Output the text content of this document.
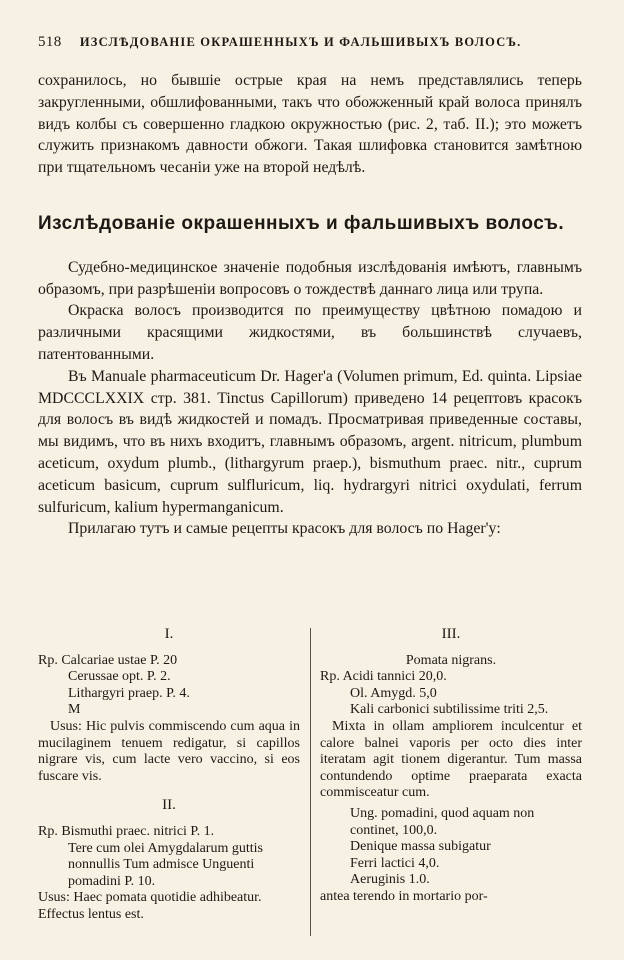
518 ИЗСЛѢДОВАНІЕ ОКРАШЕННЫХЪ И ФАЛЬШИВЫХЪ ВОЛОСЪ.

сохранилось, но бывшіе острые края на немъ представлялись теперь закругленными, обшлифованными, такъ что обожженный край волоса принялъ видъ колбы съ совершенно гладкою окружностью (рис. 2, таб. II.); это можетъ служить признакомъ давности обжоги. Такая шлифовка становится замѣтною при тщательномъ чесаніи уже на второй недѣлѣ.

Изслѣдованіе окрашенныхъ и фальшивыхъ волосъ.

Судебно-медицинское значеніе подобныя изслѣдованія имѣютъ, главнымъ образомъ, при разрѣшеніи вопросовъ о тождествѣ даннаго лица или трупа.

Окраска волосъ производится по преимуществу цвѣтною помадою и различными красящими жидкостями, въ большинствѣ случаевъ, патентованными.

Въ Manuale pharmaceuticum Dr. Hager'a (Volumen primum, Ed. quinta. Lipsiae MDCCCLXXIX стр. 381. Tinctus Capillorum) приведено 14 рецептовъ красокъ для волосъ въ видѣ жидкостей и помадъ. Просматривая приведенные составы, мы видимъ, что въ нихъ входитъ, главнымъ образомъ, argent. nitricum, plumbum aceticum, oxydum plumb., (lithargyrum praep.), bismuthum praec. nitr., cuprum aceticum basicum, cuprum sulfluricum, liq. hydrargyri nitrici oxydulati, ferrum sulfuricum, kalium hypermanganicum.

Прилагаю тутъ и самые рецепты красокъ для волосъ по Hager'y:

I.

Rp. Calcariae ustae P. 20

Cerussae opt. P. 2.

Lithargyri praep. P. 4.

M

Usus: Hic pulvis commiscendo cum aqua in mucilaginem tenuem redigatur, si capillos nigrare vis, cum lacte vero vaccino, si eos fuscare vis.

II.

Rp. Bismuthi praec. nitrici P. 1.

Tere cum olei Amygdalarum guttis nonnullis Tum admisce Unguenti pomadini P. 10.

Usus: Haec pomata quotidie adhibeatur. Effectus lentus est.

III.

Pomata nigrans.

Rp. Acidi tannici 20,0.

Ol. Amygd. 5,0

Kali carbonici subtilissime triti 2,5.

Mixta in ollam ampliorem inculcentur et calore balnei vaporis per octo dies inter iteratam agit tionem digerantur. Tum massa contundendo optime praeparata exacta commisceatur cum.

Ung. pomadini, quod aquam non continet, 100,0.

Denique massa subigatur

Ferri lactici 4,0.

Aeruginis 1.0.

antea terendo in mortario por-
